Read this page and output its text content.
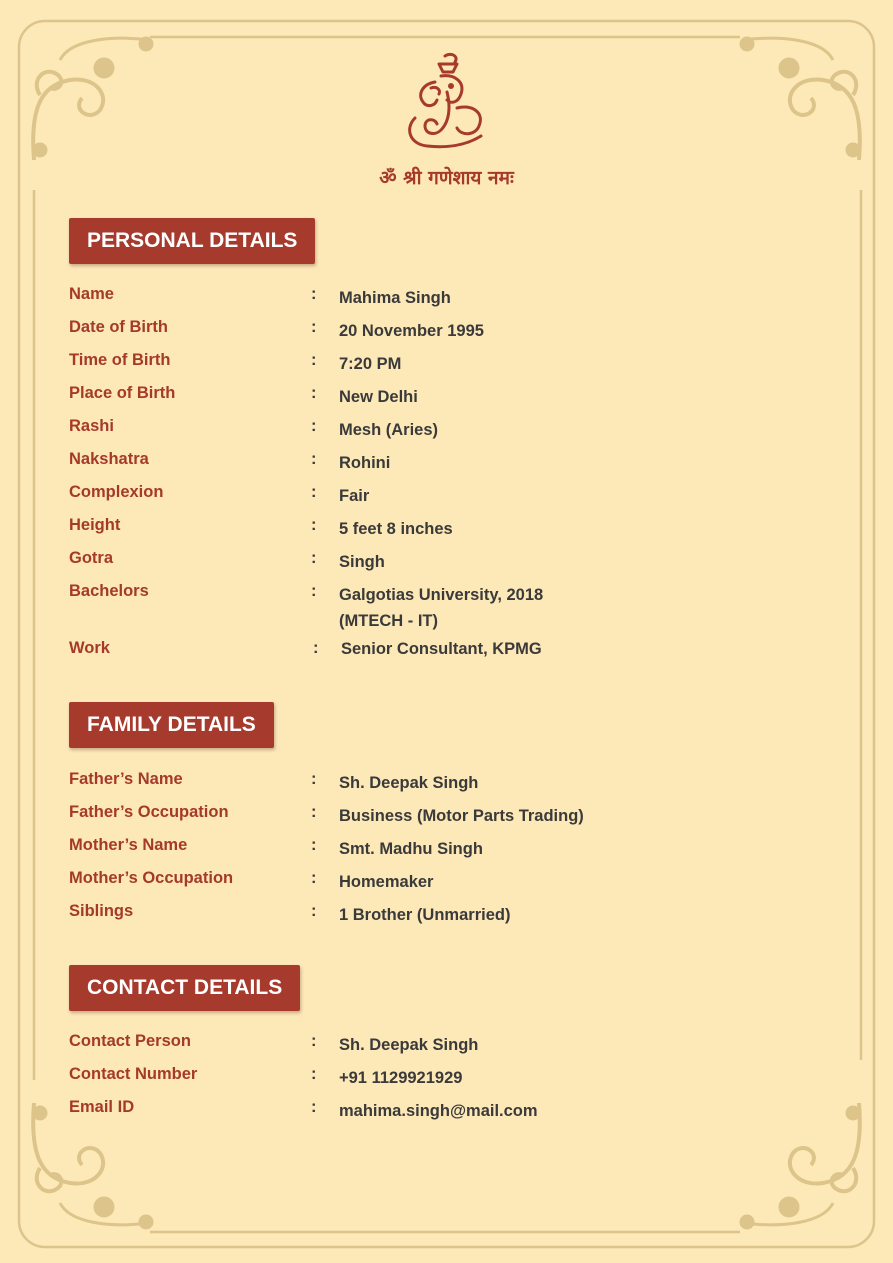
ॐ श्री गणेशाय नमः
PERSONAL DETAILS
Name	: Mahima Singh
Date of Birth	: 20 November 1995
Time of Birth	: 7:20 PM
Place of Birth	: New Delhi
Rashi	: Mesh (Aries)
Nakshatra	: Rohini
Complexion	: Fair
Height	: 5 feet 8 inches
Gotra	: Singh
Bachelors	: Galgotias University, 2018
(MTECH - IT)
Work	: Senior Consultant, KPMG
FAMILY DETAILS
Father’s Name	: Sh. Deepak Singh
Father’s Occupation	: Business (Motor Parts Trading)
Mother’s Name	: Smt. Madhu Singh
Mother’s Occupation	: Homemaker
Siblings	: 1 Brother (Unmarried)
CONTACT DETAILS
Contact Person	: Sh. Deepak Singh
Contact Number	: +91 1129921929
Email ID	: mahima.singh@mail.com
